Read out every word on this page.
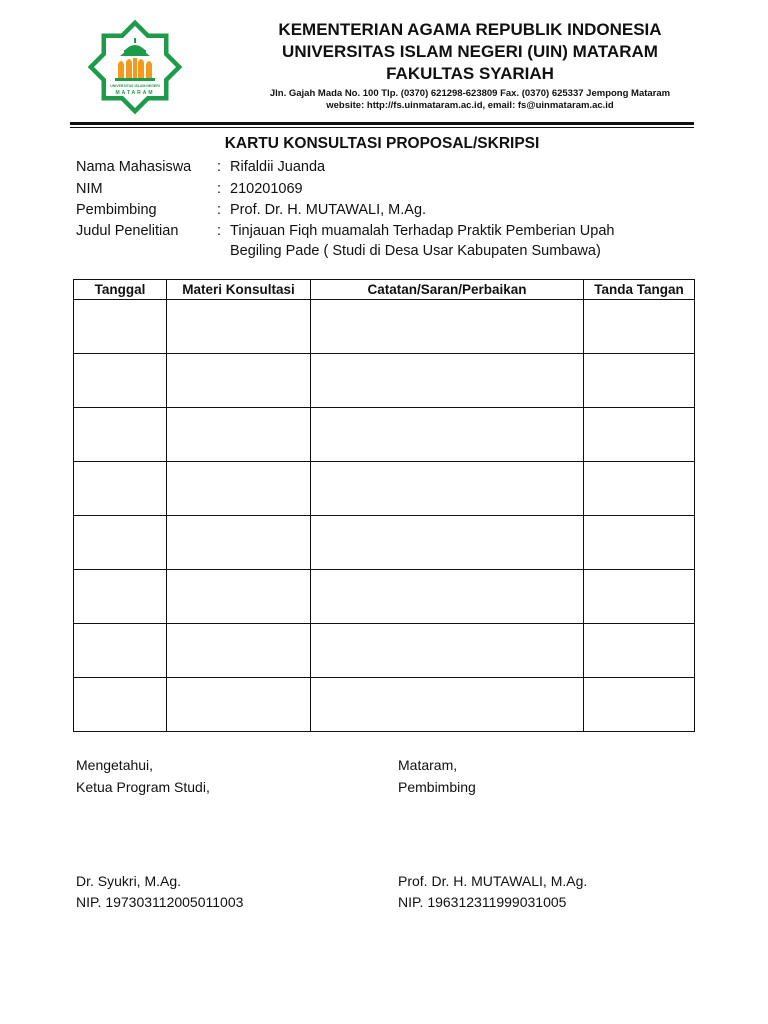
UNIVERSITAS ISLAM NEGERI
MATARAM
KEMENTERIAN AGAMA REPUBLIK INDONESIA
UNIVERSITAS ISLAM NEGERI (UIN) MATARAM
FAKULTAS SYARIAH
Jln. Gajah Mada No. 100 Tlp. (0370) 621298-623809 Fax. (0370) 625337 Jempong Mataram
website: http://fs.uinmataram.ac.id, email: fs@uinmataram.ac.id
KARTU KONSULTASI PROPOSAL/SKRIPSI
Nama Mahasiswa	: Rifaldii Juanda
NIM	: 210201069
Pembimbing	: Prof. Dr. H. MUTAWALI, M.Ag.
Judul Penelitian	: Tinjauan Fiqh muamalah Terhadap Praktik Pemberian Upah
Begiling Pade ( Studi di Desa Usar Kabupaten Sumbawa)
Tanggal	Materi Konsultasi	Catatan/Saran/Perbaikan	Tanda Tangan

Mengetahui,
Ketua Program Studi,
Dr. Syukri, M.Ag.
NIP. 197303112005011003
Mataram,
Pembimbing
Prof. Dr. H. MUTAWALI, M.Ag.
NIP. 196312311999031005
